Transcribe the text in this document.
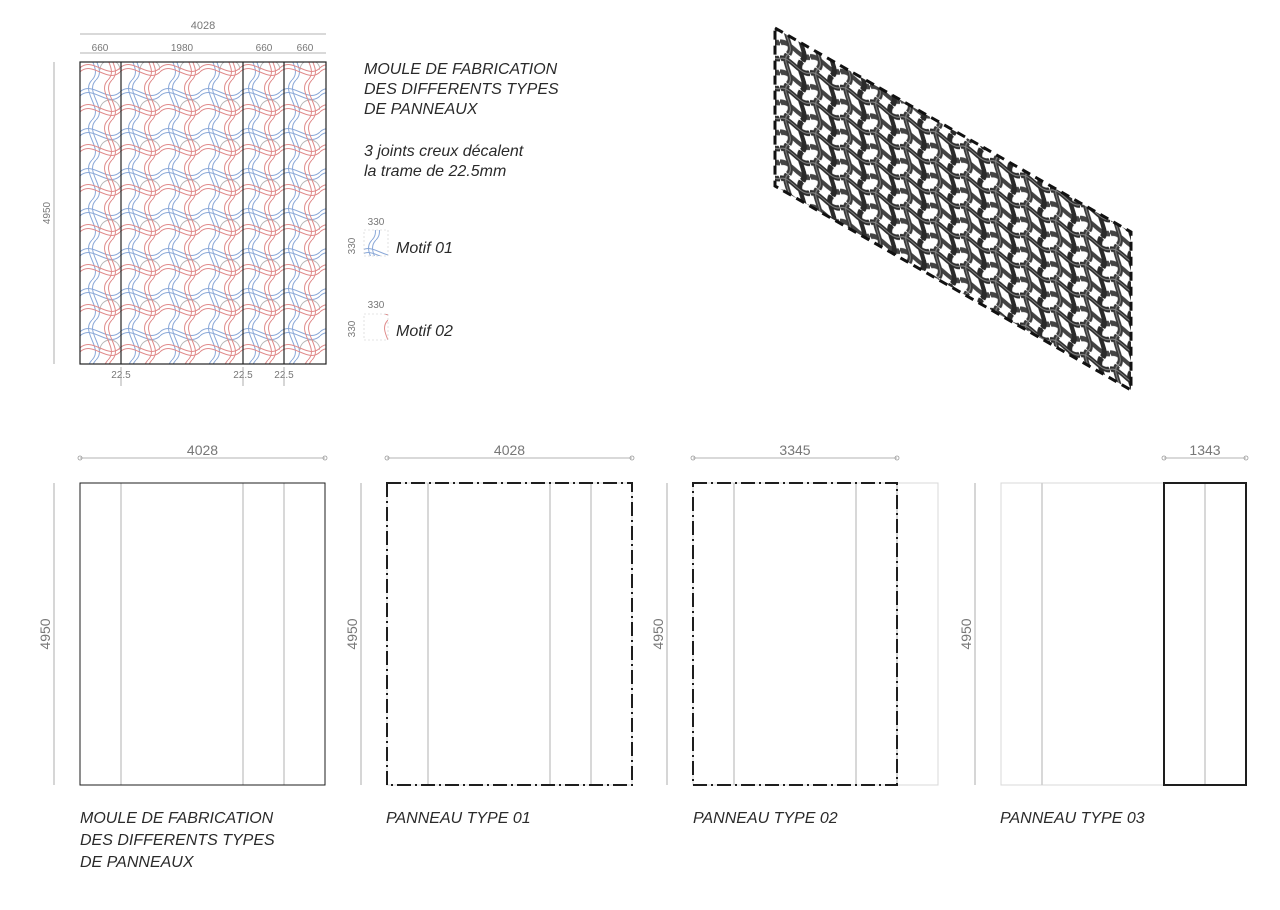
4028
660	1980	660 660
4950
22.5	22.5 22.5
330
330
330
330
4028
4950
4028
4950
3345
4950
1343
4950

MOULE DE FABRICATION
DES DIFFERENTS TYPES
DE PANNEAUX

3 joints creux décalent
la trame de 22.5mm

Motif 01
Motif 02

MOULE DE FABRICATION
DES DIFFERENTS TYPES
DE PANNEAUX

PANNEAU TYPE 01	PANNEAU TYPE 02	PANNEAU TYPE 03
